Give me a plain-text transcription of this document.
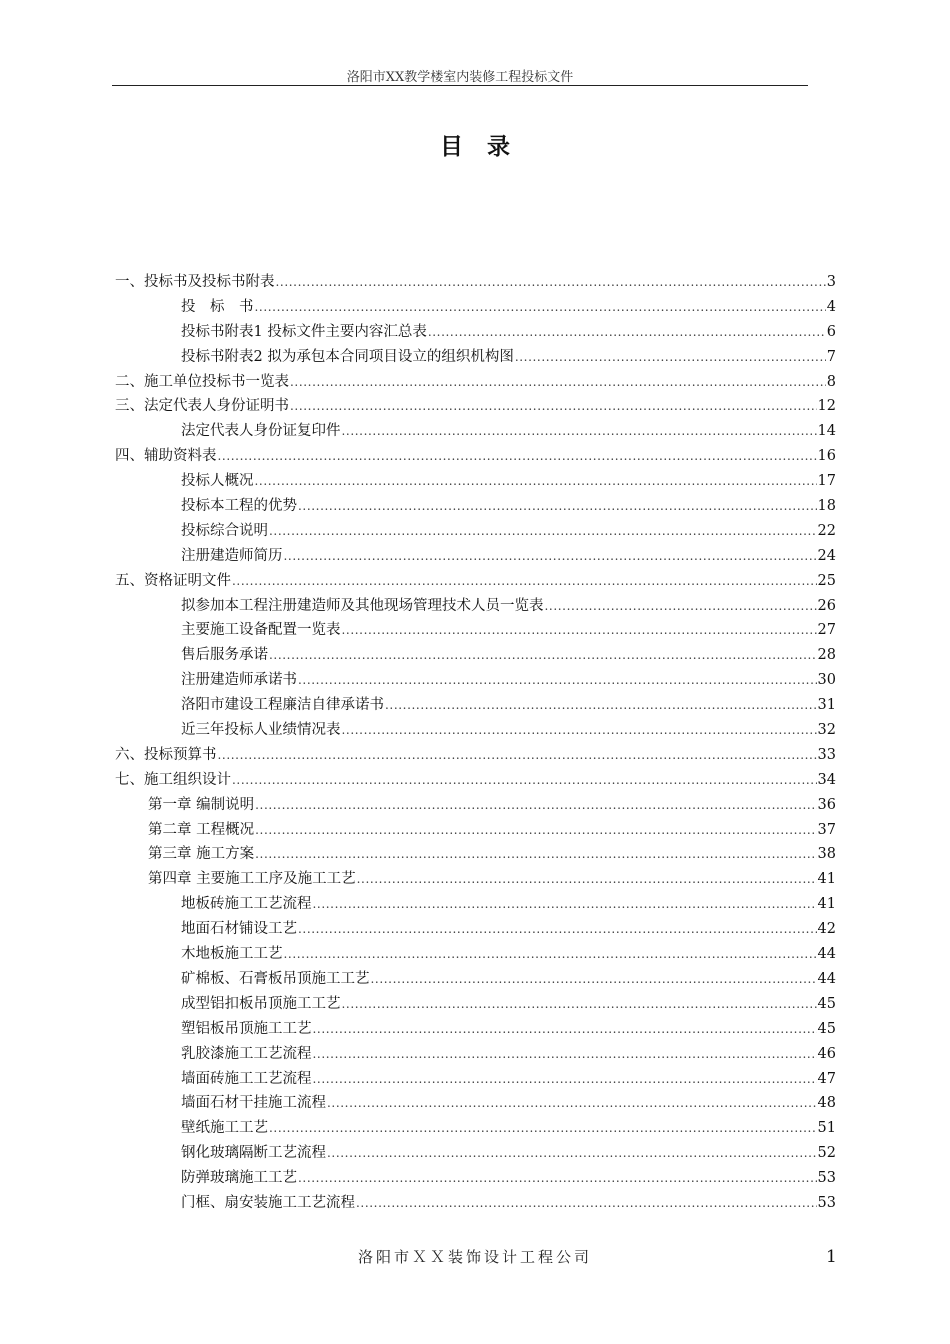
洛阳市XX教学楼室内装修工程投标文件
目录
一、投标书及投标书附表 .....	3
投　标　书 .....	4
投标书附表1 投标文件主要内容汇总表 .....	6
投标书附表2 拟为承包本合同项目设立的组织机构图 .....	7
二、施工单位投标书一览表 .....	8
三、法定代表人身份证明书 .....	12
法定代表人身份证复印件 .....	14
四、辅助资料表 .....	16
投标人概况 .....	17
投标本工程的优势 .....	18
投标综合说明 .....	22
注册建造师简历 .....	24
五、资格证明文件 .....	25
拟参加本工程注册建造师及其他现场管理技术人员一览表 .....	26
主要施工设备配置一览表 .....	27
售后服务承诺 .....	28
注册建造师承诺书 .....	30
洛阳市建设工程廉洁自律承诺书 .....	31
近三年投标人业绩情况表 .....	32
六、投标预算书 .....	33
七、施工组织设计 .....	34
第一章 编制说明 .....	36
第二章 工程概况 .....	37
第三章 施工方案 .....	38
第四章 主要施工工序及施工工艺 .....	41
地板砖施工工艺流程 .....	41
地面石材铺设工艺 .....	42
木地板施工工艺 .....	44
矿棉板、石膏板吊顶施工工艺 .....	44
成型铝扣板吊顶施工工艺 .....	45
塑铝板吊顶施工工艺 .....	45
乳胶漆施工工艺流程 .....	46
墙面砖施工工艺流程 .....	47
墙面石材干挂施工流程 .....	48
壁纸施工工艺 .....	51
钢化玻璃隔断工艺流程 .....	52
防弹玻璃施工工艺 .....	53
门框、扇安装施工工艺流程 .....	53
洛阳市ＸＸ装饰设计工程公司	1
